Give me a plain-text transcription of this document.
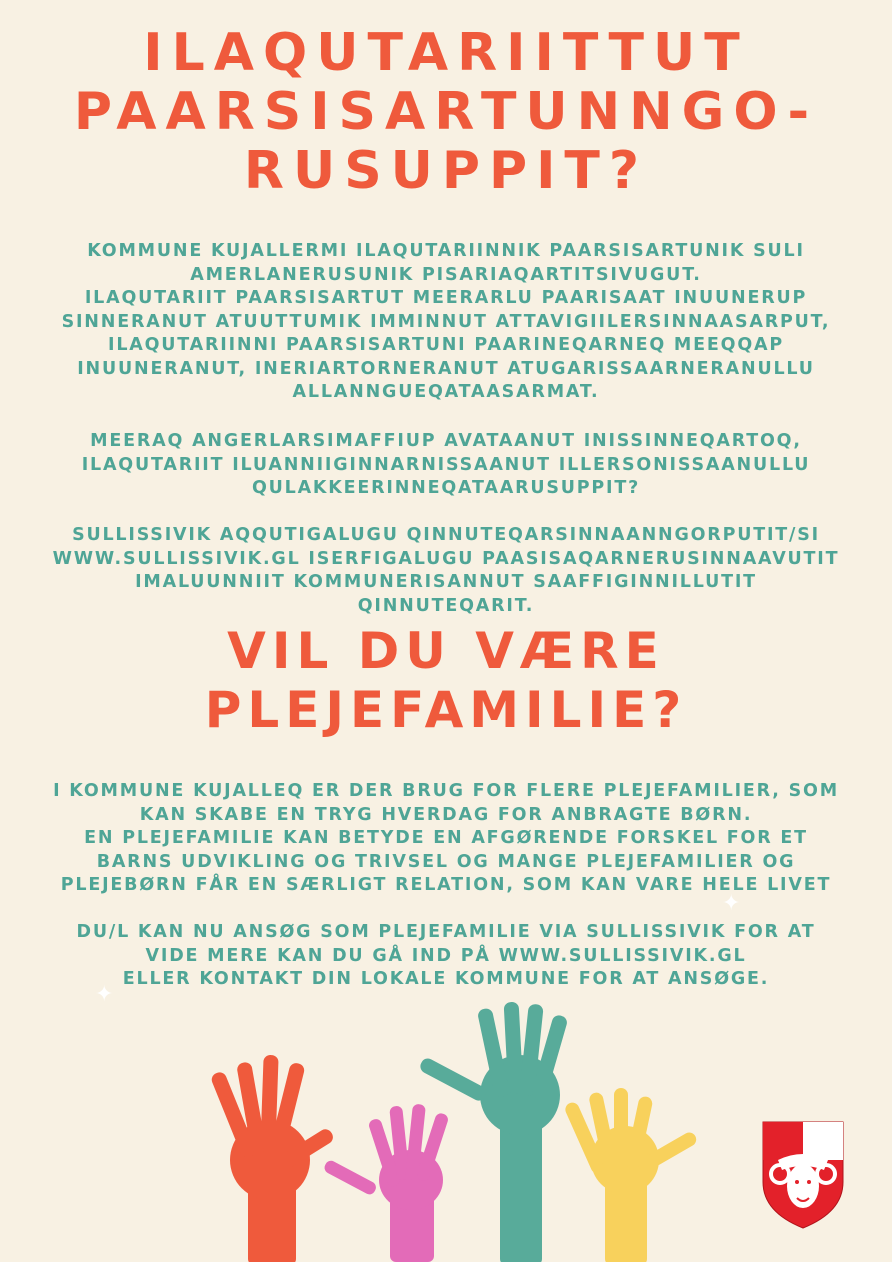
ILAQUTARIITTUT
PAARSISARTUNNGO-
RUSUPPIT?

KOMMUNE KUJALLERMI ILAQUTARIINNIK PAARSISARTUNIK SULI
AMERLANERUSUNIK PISARIAQARTITSIVUGUT.
ILAQUTARIIT PAARSISARTUT MEERARLU PAARISAAT INUUNERUP
SINNERANUT ATUUTTUMIK IMMINNUT ATTAVIGIILERSINNAASARPUT,
ILAQUTARIINNI PAARSISARTUNI PAARINEQARNEQ MEEQQAP
INUUNERANUT, INERIARTORNERANUT ATUGARISSAARNERANULLU
ALLANNGUEQATAASARMAT.

MEERAQ ANGERLARSIMAFFIUP AVATAANUT INISSINNEQARTOQ,
ILAQUTARIIT ILUANNIIGINNARNISSAANUT ILLERSONISSAANULLU
QULAKKEERINNEQATAARUSUPPIT?

SULLISSIVIK AQQUTIGALUGU QINNUTEQARSINNAANNGORPUTIT/SI
WWW.SULLISSIVIK.GL ISERFIGALUGU PAASISAQARNERUSINNAAVUTIT
IMALUUNNIIT KOMMUNERISANNUT SAAFFIGINNILLUTIT
QINNUTEQARIT.

VIL DU VÆRE
PLEJEFAMILIE?

I KOMMUNE KUJALLEQ ER DER BRUG FOR FLERE PLEJEFAMILIER, SOM
KAN SKABE EN TRYG HVERDAG FOR ANBRAGTE BØRN.
EN PLEJEFAMILIE KAN BETYDE EN AFGØRENDE FORSKEL FOR ET
BARNS UDVIKLING OG TRIVSEL OG MANGE PLEJEFAMILIER OG
PLEJEBØRN FÅR EN SÆRLIGT RELATION, SOM KAN VARE HELE LIVET

DU/L KAN NU ANSØG SOM PLEJEFAMILIE VIA SULLISSIVIK FOR AT
VIDE MERE KAN DU GÅ IND PÅ WWW.SULLISSIVIK.GL
ELLER KONTAKT DIN LOKALE KOMMUNE FOR AT ANSØGE.

✦
✦
